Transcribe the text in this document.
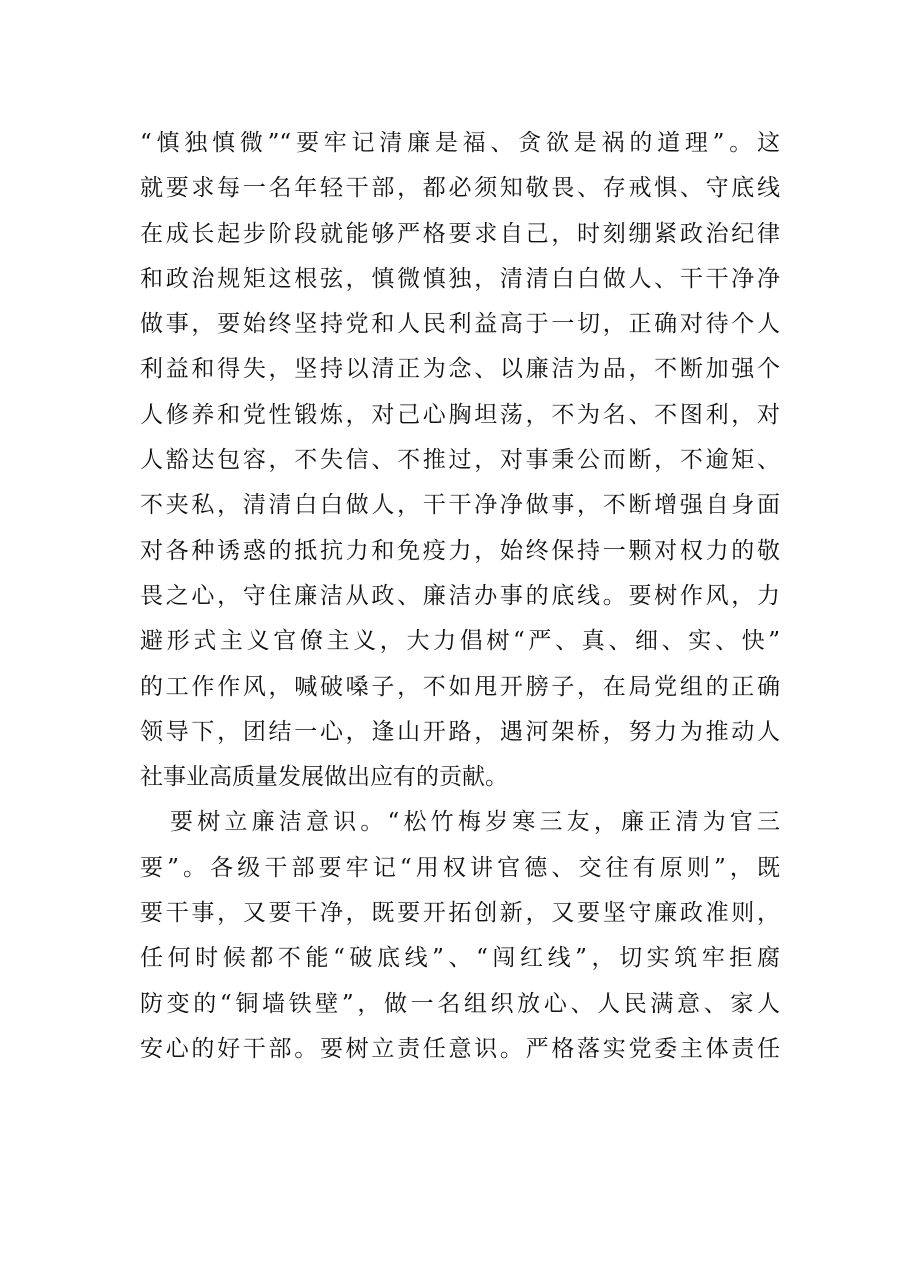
“慎独慎微”“要牢记清廉是福、贪欲是祸的道理”。这
就要求每一名年轻干部，都必须知敬畏、存戒惧、守底线
在成长起步阶段就能够严格要求自己，时刻绷紧政治纪律
和政治规矩这根弦，慎微慎独，清清白白做人、干干净净
做事，要始终坚持党和人民利益高于一切，正确对待个人
利益和得失，坚持以清正为念、以廉洁为品，不断加强个
人修养和党性锻炼，对己心胸坦荡，不为名、不图利，对
人豁达包容，不失信、不推过，对事秉公而断，不逾矩、
不夹私，清清白白做人，干干净净做事，不断增强自身面
对各种诱惑的抵抗力和免疫力，始终保持一颗对权力的敬
畏之心，守住廉洁从政、廉洁办事的底线。要树作风，力
避形式主义官僚主义，大力倡树“严、真、细、实、快”
的工作作风，喊破嗓子，不如甩开膀子，在局党组的正确
领导下，团结一心，逢山开路，遇河架桥，努力为推动人
社事业高质量发展做出应有的贡献。
要树立廉洁意识。“松竹梅岁寒三友，廉正清为官三
要”。各级干部要牢记“用权讲官德、交往有原则”，既
要干事，又要干净，既要开拓创新，又要坚守廉政准则，
任何时候都不能“破底线”、“闯红线”，切实筑牢拒腐
防变的“铜墙铁壁”，做一名组织放心、人民满意、家人
安心的好干部。要树立责任意识。严格落实党委主体责任
